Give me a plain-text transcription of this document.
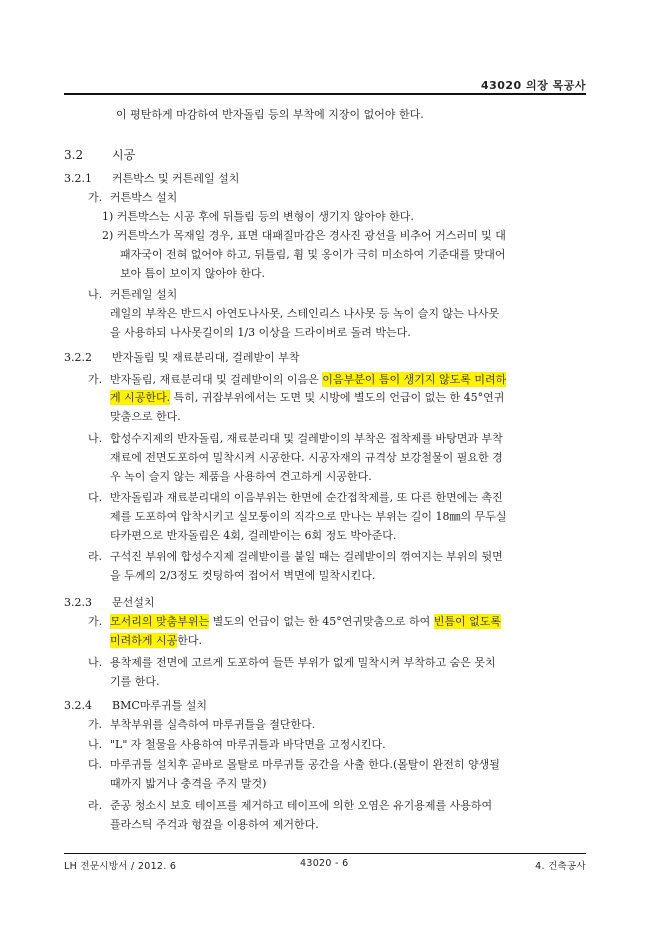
43020 의장 목공사
이 평탄하게 마감하여 반자돌림 등의 부착에 지장이 없어야 한다.
3.2 시공
3.2.1 커튼박스 및 커튼레일 설치
가. 커튼박스 설치
1) 커튼박스는 시공 후에 뒤틀림 등의 변형이 생기지 않아야 한다.
2) 커튼박스가 목재일 경우, 표면 대패질마감은 경사진 광선을 비추어 거스러미 및 대
패자국이 전혀 없어야 하고, 뒤틀림, 휨 및 옹이가 극히 미소하여 기준대를 맞대어
보아 틈이 보이지 않아야 한다.
나. 커튼레일 설치
레일의 부착은 반드시 아연도나사못, 스테인리스 나사못 등 녹이 슬지 않는 나사못
을 사용하되 나사못길이의 1/3 이상을 드라이버로 돌려 박는다.
3.2.2 반자돌림 및 재료분리대, 걸레받이 부착
가. 반자돌림, 재료분리대 및 걸레받이의 이음은 이음부분이 틈이 생기지 않도록 미려하
게 시공한다. 특히, 귀잡부위에서는 도면 및 시방에 별도의 언급이 없는 한 45°연귀
맞춤으로 한다.
나. 합성수지제의 반자돌림, 재료분리대 및 걸레받이의 부착은 접착제를 바탕면과 부착
재료에 전면도포하여 밀착시켜 시공한다. 시공자재의 규격상 보강철물이 필요한 경
우 녹이 슬지 않는 제품을 사용하여 견고하게 시공한다.
다. 반자돌림과 재료분리대의 이음부위는 한면에 순간접착제를, 또 다른 한면에는 촉진
제를 도포하여 압착시키고 실모퉁이의 직각으로 만나는 부위는 길이 18㎜의 무두실
타카편으로 반자돌림은 4회, 걸레받이는 6회 정도 박아준다.
라. 구석진 부위에 합성수지제 걸레받이를 붙일 때는 걸레받이의 꺾여지는 부위의 뒷면
을 두께의 2/3정도 컷팅하여 접어서 벽면에 밀착시킨다.
3.2.3 문선설치
가. 모서리의 맞춤부위는 별도의 언급이 없는 한 45°연귀맞춤으로 하여 빈틈이 없도록
미려하게 시공한다.
나. 용착제를 전면에 고르게 도포하여 들뜬 부위가 없게 밀착시켜 부착하고 숨은 못치
기를 한다.
3.2.4 BMC마루귀틀 설치
가. 부착부위를 실측하여 마루귀틀을 절단한다.
나. "L" 자 철물을 사용하여 마루귀틀과 바닥면을 고정시킨다.
다. 마루귀틀 설치후 곧바로 몰탈로 마루귀틀 공간을 사출 한다.(몰탈이 완전히 양생될
때까지 밟거나 충격을 주지 말것)
라. 준공 청소시 보호 테이프를 제거하고 테이프에 의한 오염은 유기용제를 사용하여
플라스틱 주걱과 헝겊을 이용하여 제거한다.
LH 전문시방서 / 2012. 6	43020 - 6	4. 건축공사
